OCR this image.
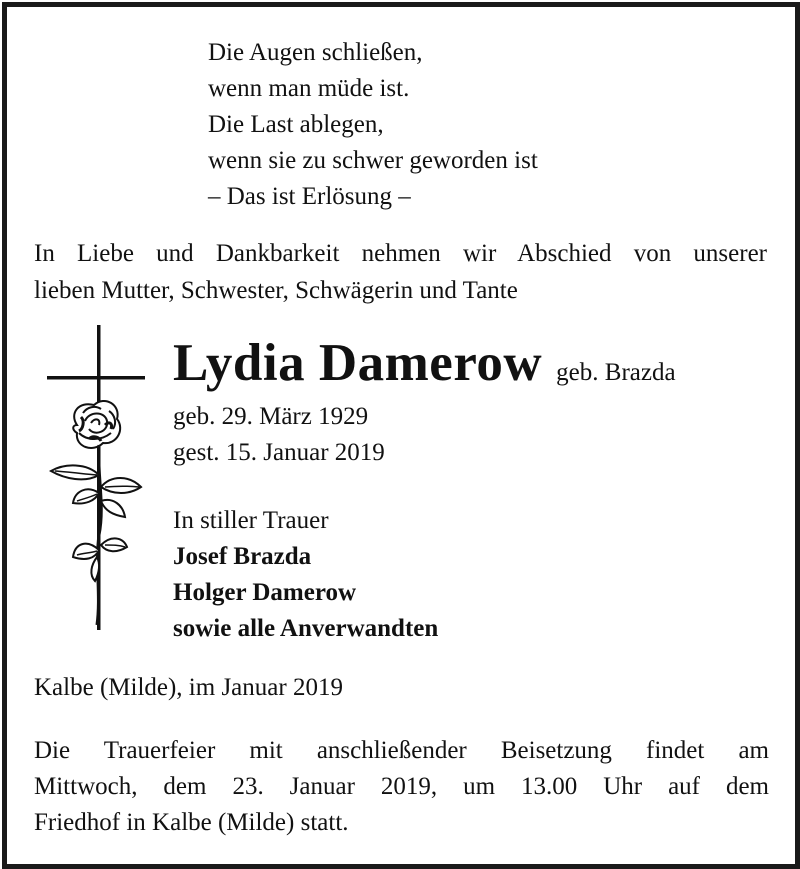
Die Augen schließen,
wenn man müde ist.
Die Last ablegen,
wenn sie zu schwer geworden ist
– Das ist Erlösung –
In Liebe und Dankbarkeit nehmen wir Abschied von unserer
lieben Mutter, Schwester, Schwägerin und Tante
Lydia Damerow geb. Brazda
geb. 29. März 1929
gest. 15. Januar 2019
In stiller Trauer
Josef Brazda
Holger Damerow
sowie alle Anverwandten
Kalbe (Milde), im Januar 2019
Die Trauerfeier mit anschließender Beisetzung findet am
Mittwoch, dem 23. Januar 2019, um 13.00 Uhr auf dem
Friedhof in Kalbe (Milde) statt.
